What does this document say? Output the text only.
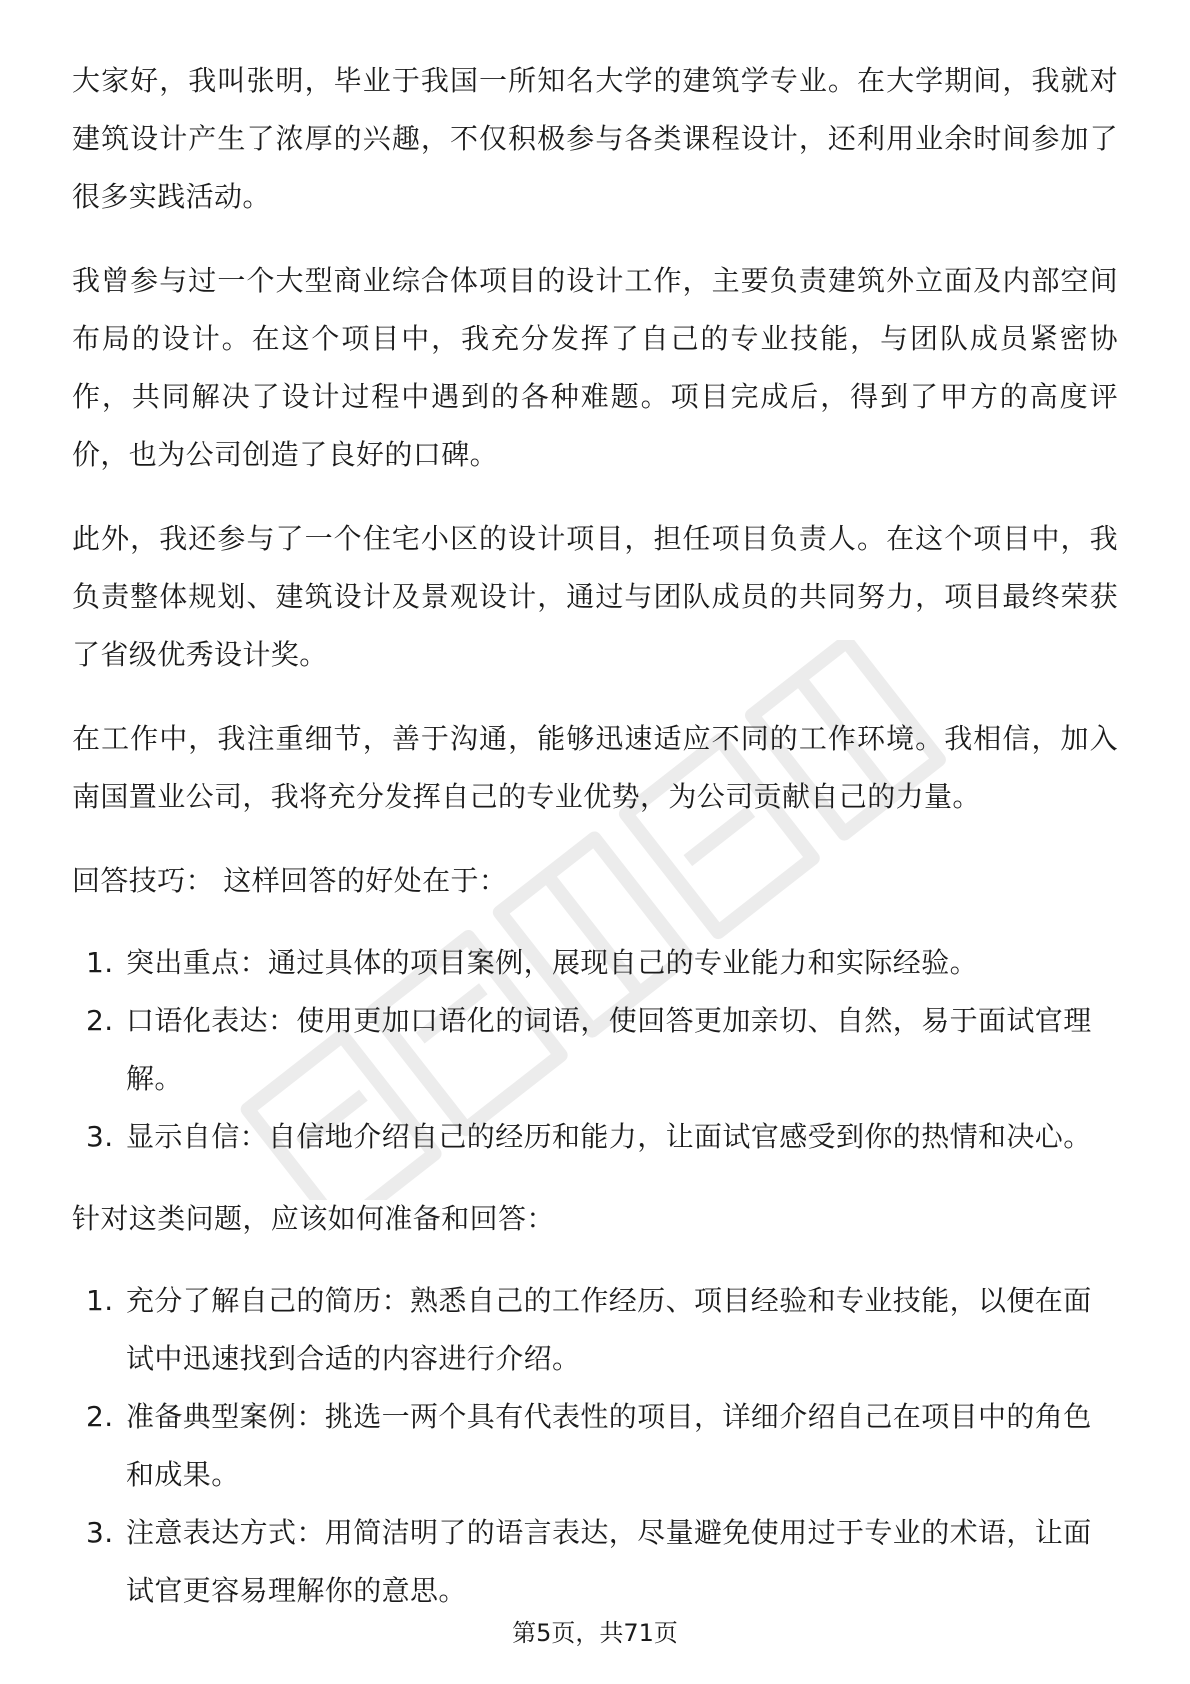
大家好，我叫张明，毕业于我国一所知名大学的建筑学专业。在大学期间，我就对建筑设计产生了浓厚的兴趣，不仅积极参与各类课程设计，还利用业余时间参加了很多实践活动。

我曾参与过一个大型商业综合体项目的设计工作，主要负责建筑外立面及内部空间布局的设计。在这个项目中，我充分发挥了自己的专业技能，与团队成员紧密协作，共同解决了设计过程中遇到的各种难题。项目完成后，得到了甲方的高度评价，也为公司创造了良好的口碑。

此外，我还参与了一个住宅小区的设计项目，担任项目负责人。在这个项目中，我负责整体规划、建筑设计及景观设计，通过与团队成员的共同努力，项目最终荣获了省级优秀设计奖。

在工作中，我注重细节，善于沟通，能够迅速适应不同的工作环境。我相信，加入南国置业公司，我将充分发挥自己的专业优势，为公司贡献自己的力量。

回答技巧： 这样回答的好处在于：
1. 突出重点：通过具体的项目案例，展现自己的专业能力和实际经验。
2. 口语化表达：使用更加口语化的词语，使回答更加亲切、自然，易于面试官理解。
3. 显示自信：自信地介绍自己的经历和能力，让面试官感受到你的热情和决心。
针对这类问题，应该如何准备和回答：
1. 充分了解自己的简历：熟悉自己的工作经历、项目经验和专业技能，以便在面试中迅速找到合适的内容进行介绍。
2. 准备典型案例：挑选一两个具有代表性的项目，详细介绍自己在项目中的角色和成果。
3. 注意表达方式：用简洁明了的语言表达，尽量避免使用过于专业的术语，让面试官更容易理解你的意思。
第5页，共71页
